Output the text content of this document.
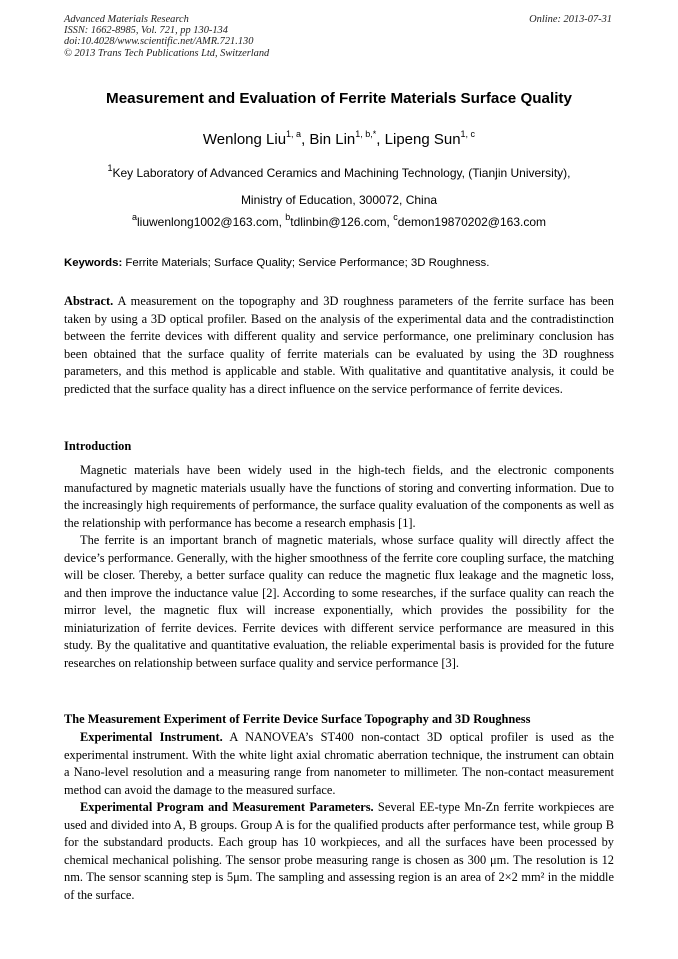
Advanced Materials Research
ISSN: 1662-8985, Vol. 721, pp 130-134
doi:10.4028/www.scientific.net/AMR.721.130
© 2013 Trans Tech Publications Ltd, Switzerland
Online: 2013-07-31
Measurement and Evaluation of Ferrite Materials Surface Quality
Wenlong Liu$^{1, a}$, Bin Lin$^{1, b,*}$, Lipeng Sun$^{1, c}$
$^1$Key Laboratory of Advanced Ceramics and Machining Technology, (Tianjin University),
Ministry of Education, 300072, China
$^a$liuwenlong1002@163.com, $^b$tdlinbin@126.com, $^c$demon19870202@163.com
Keywords: Ferrite Materials; Surface Quality; Service Performance; 3D Roughness.

Abstract. A measurement on the topography and 3D roughness parameters of the ferrite surface has been taken by using a 3D optical profiler. Based on the analysis of the experimental data and the contradistinction between the ferrite devices with different quality and service performance, one preliminary conclusion has been obtained that the surface quality of ferrite materials can be evaluated by using the 3D roughness parameters, and this method is applicable and stable. With qualitative and quantitative analysis, it could be predicted that the surface quality has a direct influence on the service performance of ferrite devices.

Introduction

Magnetic materials have been widely used in the high-tech fields, and the electronic components manufactured by magnetic materials usually have the functions of storing and converting information. Due to the increasingly high requirements of performance, the surface quality evaluation of the components as well as the relationship with performance has become a research emphasis [1].

The ferrite is an important branch of magnetic materials, whose surface quality will directly affect the device’s performance. Generally, with the higher smoothness of the ferrite core coupling surface, the matching will be closer. Thereby, a better surface quality can reduce the magnetic flux leakage and the magnetic loss, and then improve the inductance value [2]. According to some researches, if the surface quality can reach the mirror level, the magnetic flux will increase exponentially, which provides the possibility for the miniaturization of ferrite devices. Ferrite devices with different service performance are measured in this study. By the qualitative and quantitative evaluation, the reliable experimental basis is provided for the future researches on relationship between surface quality and service performance [3].

The Measurement Experiment of Ferrite Device Surface Topography and 3D Roughness

Experimental Instrument. A NANOVEA’s ST400 non-contact 3D optical profiler is used as the experimental instrument. With the white light axial chromatic aberration technique, the instrument can obtain a Nano-level resolution and a measuring range from nanometer to millimeter. The non-contact measurement method can avoid the damage to the measured surface.

Experimental Program and Measurement Parameters. Several EE-type Mn-Zn ferrite workpieces are used and divided into A, B groups. Group A is for the qualified products after performance test, while group B for the substandard products. Each group has 10 workpieces, and all the surfaces have been processed by chemical mechanical polishing. The sensor probe measuring range is chosen as 300 μm. The resolution is 12 nm. The sensor scanning step is 5μm. The sampling and assessing region is an area of 2×2 mm² in the middle of the surface.
